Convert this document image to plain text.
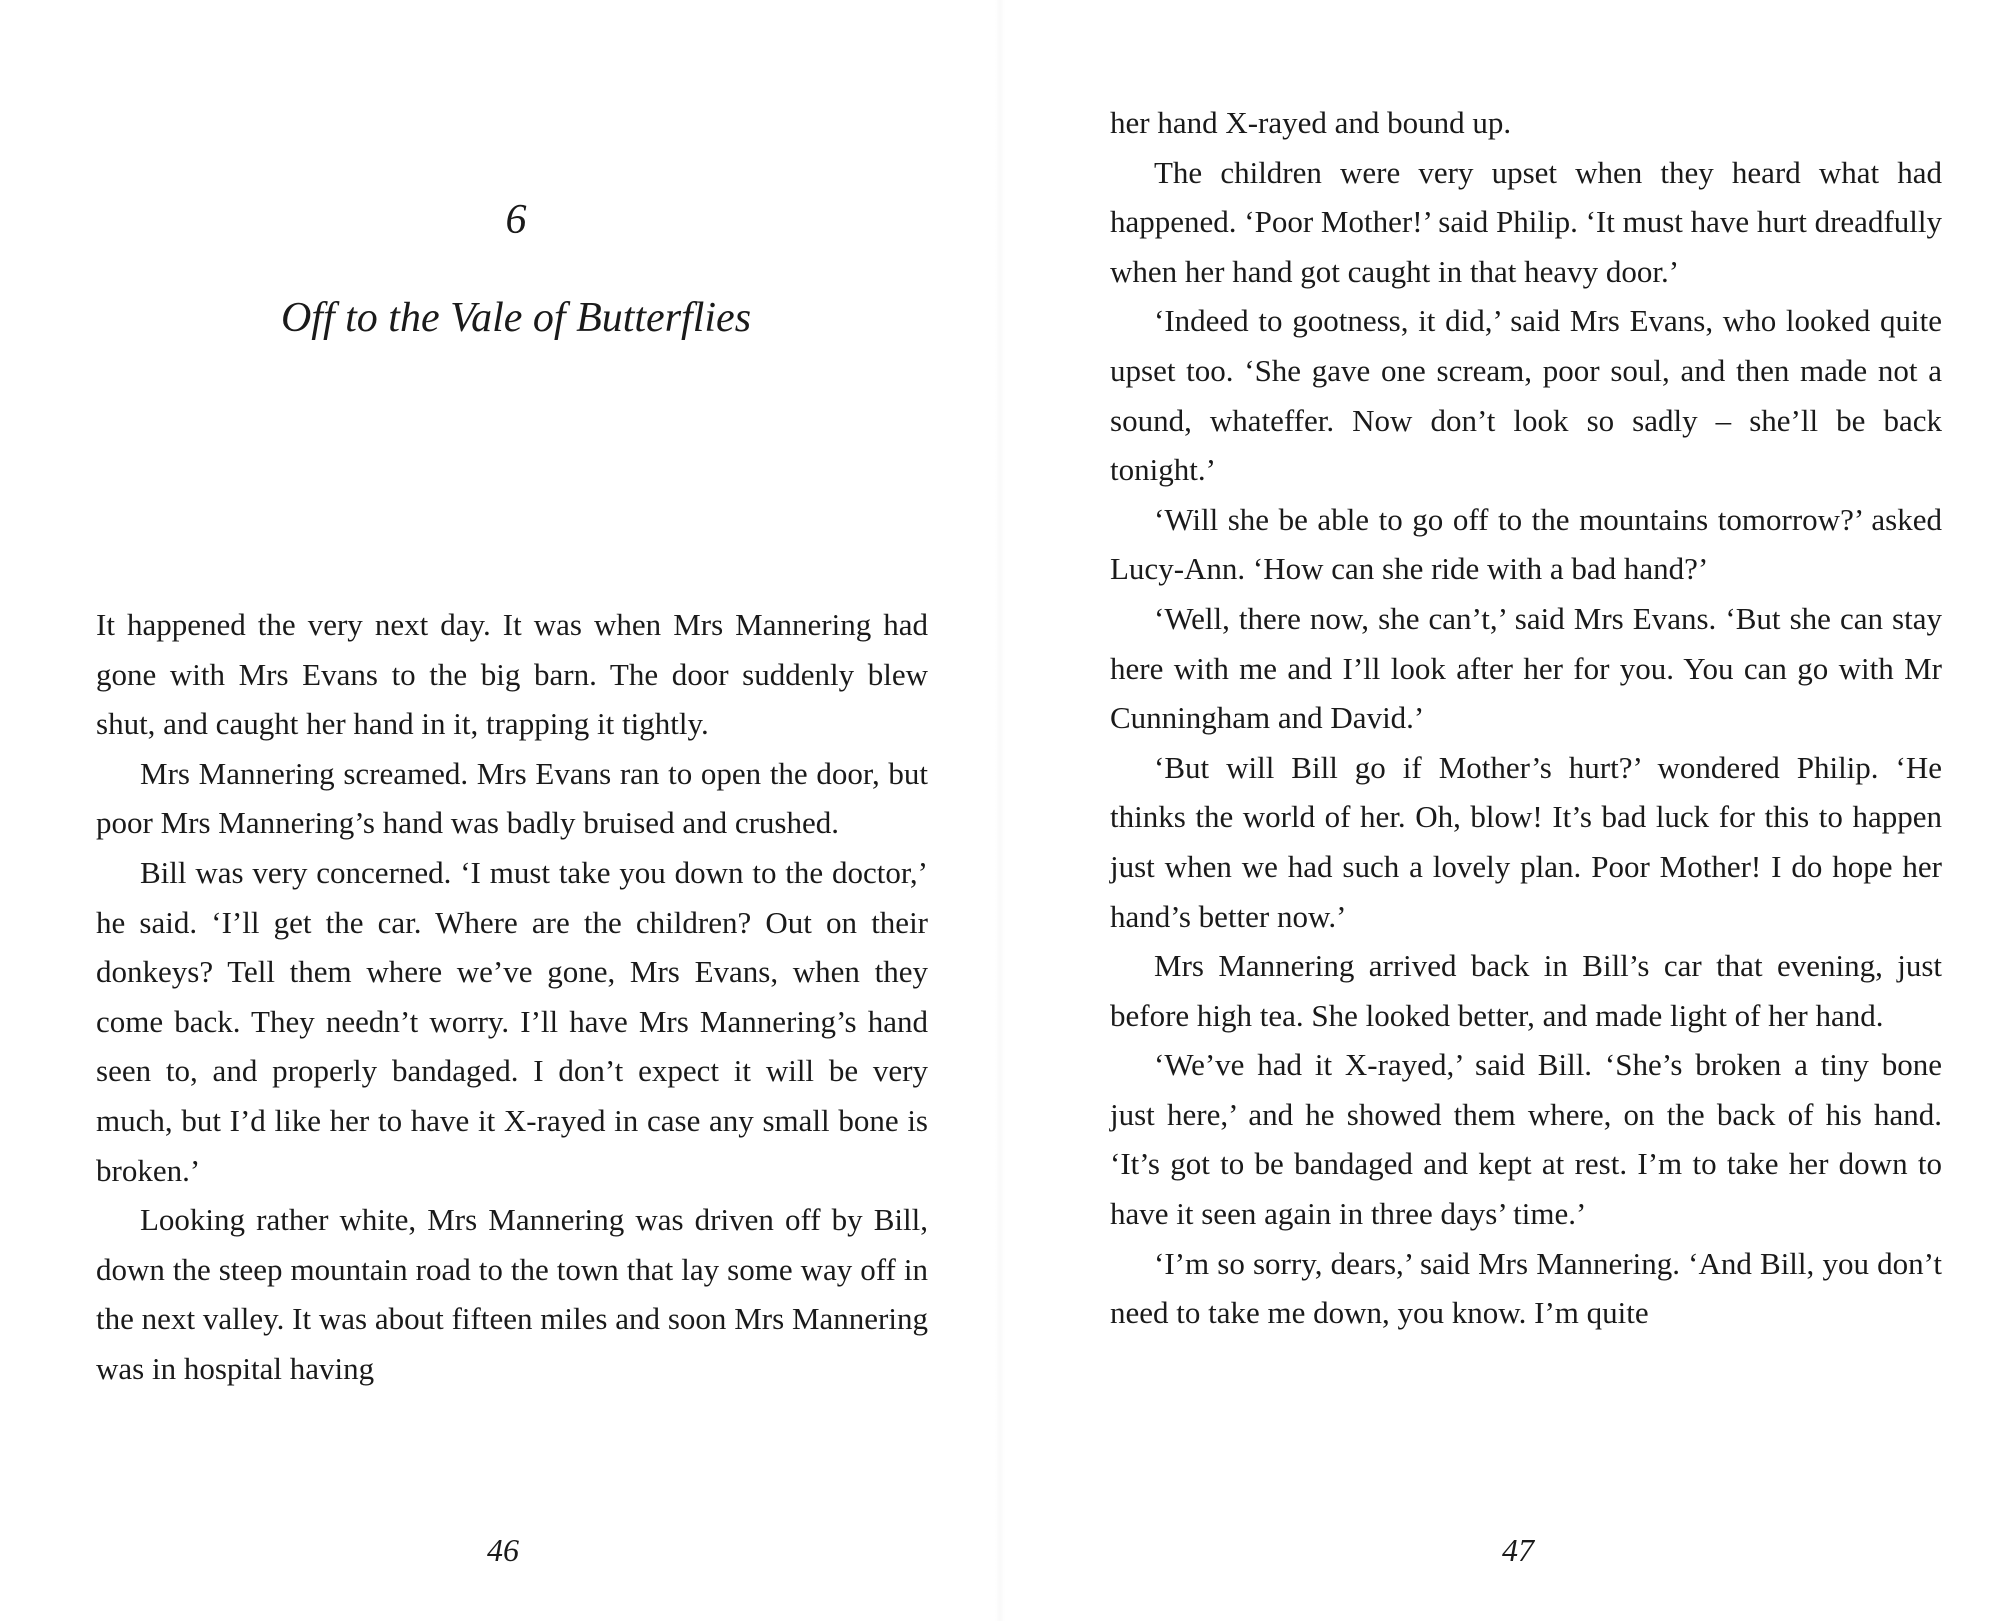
6
Off to the Vale of Butterflies

It happened the very next day. It was when Mrs Mannering had gone with Mrs Evans to the big barn. The door suddenly blew shut, and caught her hand in it, trapping it tightly.

Mrs Mannering screamed. Mrs Evans ran to open the door, but poor Mrs Mannering’s hand was badly bruised and crushed.

Bill was very concerned. ‘I must take you down to the doctor,’ he said. ‘I’ll get the car. Where are the children? Out on their donkeys? Tell them where we’ve gone, Mrs Evans, when they come back. They needn’t worry. I’ll have Mrs Mannering’s hand seen to, and properly bandaged. I don’t expect it will be very much, but I’d like her to have it X-rayed in case any small bone is broken.’

Looking rather white, Mrs Mannering was driven off by Bill, down the steep mountain road to the town that lay some way off in the next valley. It was about fifteen miles and soon Mrs Mannering was in hospital having

46

her hand X-rayed and bound up.

The children were very upset when they heard what had happened. ‘Poor Mother!’ said Philip. ‘It must have hurt dreadfully when her hand got caught in that heavy door.’

‘Indeed to gootness, it did,’ said Mrs Evans, who looked quite upset too. ‘She gave one scream, poor soul, and then made not a sound, whateffer. Now don’t look so sadly – she’ll be back tonight.’

‘Will she be able to go off to the mountains tomorrow?’ asked Lucy-Ann. ‘How can she ride with a bad hand?’

‘Well, there now, she can’t,’ said Mrs Evans. ‘But she can stay here with me and I’ll look after her for you. You can go with Mr Cunningham and David.’

‘But will Bill go if Mother’s hurt?’ wondered Philip. ‘He thinks the world of her. Oh, blow! It’s bad luck for this to happen just when we had such a lovely plan. Poor Mother! I do hope her hand’s better now.’

Mrs Mannering arrived back in Bill’s car that evening, just before high tea. She looked better, and made light of her hand.

‘We’ve had it X-rayed,’ said Bill. ‘She’s broken a tiny bone just here,’ and he showed them where, on the back of his hand. ‘It’s got to be bandaged and kept at rest. I’m to take her down to have it seen again in three days’ time.’

‘I’m so sorry, dears,’ said Mrs Mannering. ‘And Bill, you don’t need to take me down, you know. I’m quite

47
